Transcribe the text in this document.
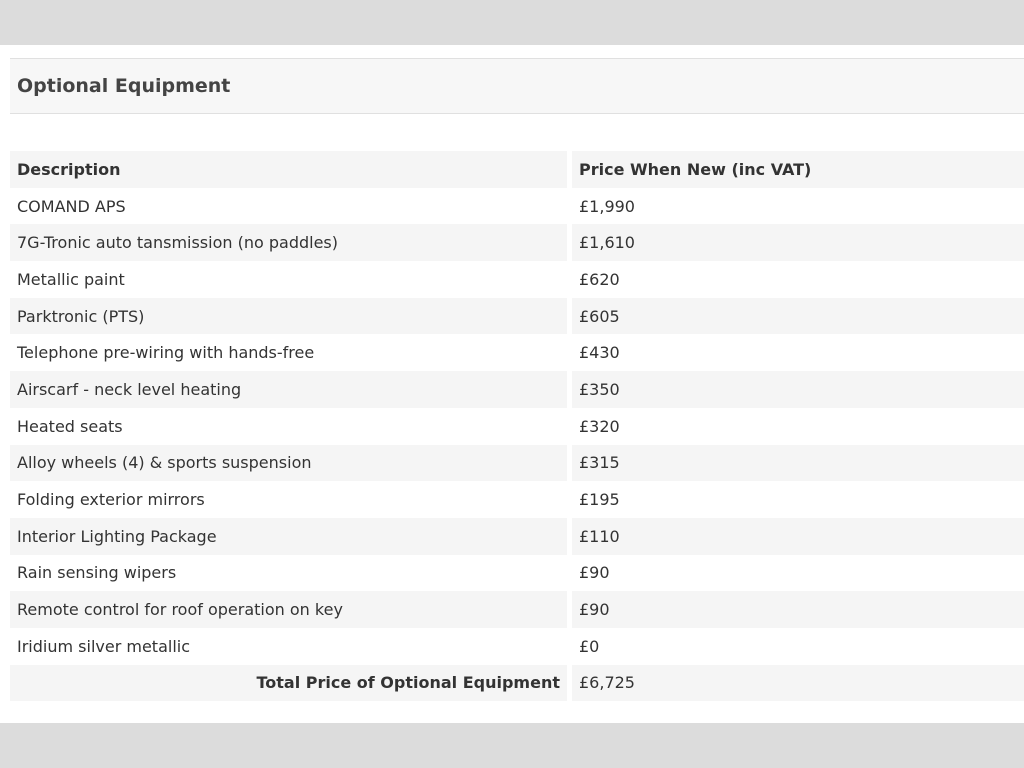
Optional Equipment
Description	Price When New (inc VAT)
COMAND APS	£1,990
7G-Tronic auto tansmission (no paddles)	£1,610
Metallic paint	£620
Parktronic (PTS)	£605
Telephone pre-wiring with hands-free	£430
Airscarf - neck level heating	£350
Heated seats	£320
Alloy wheels (4) & sports suspension	£315
Folding exterior mirrors	£195
Interior Lighting Package	£110
Rain sensing wipers	£90
Remote control for roof operation on key	£90
Iridium silver metallic	£0
Total Price of Optional Equipment	£6,725
